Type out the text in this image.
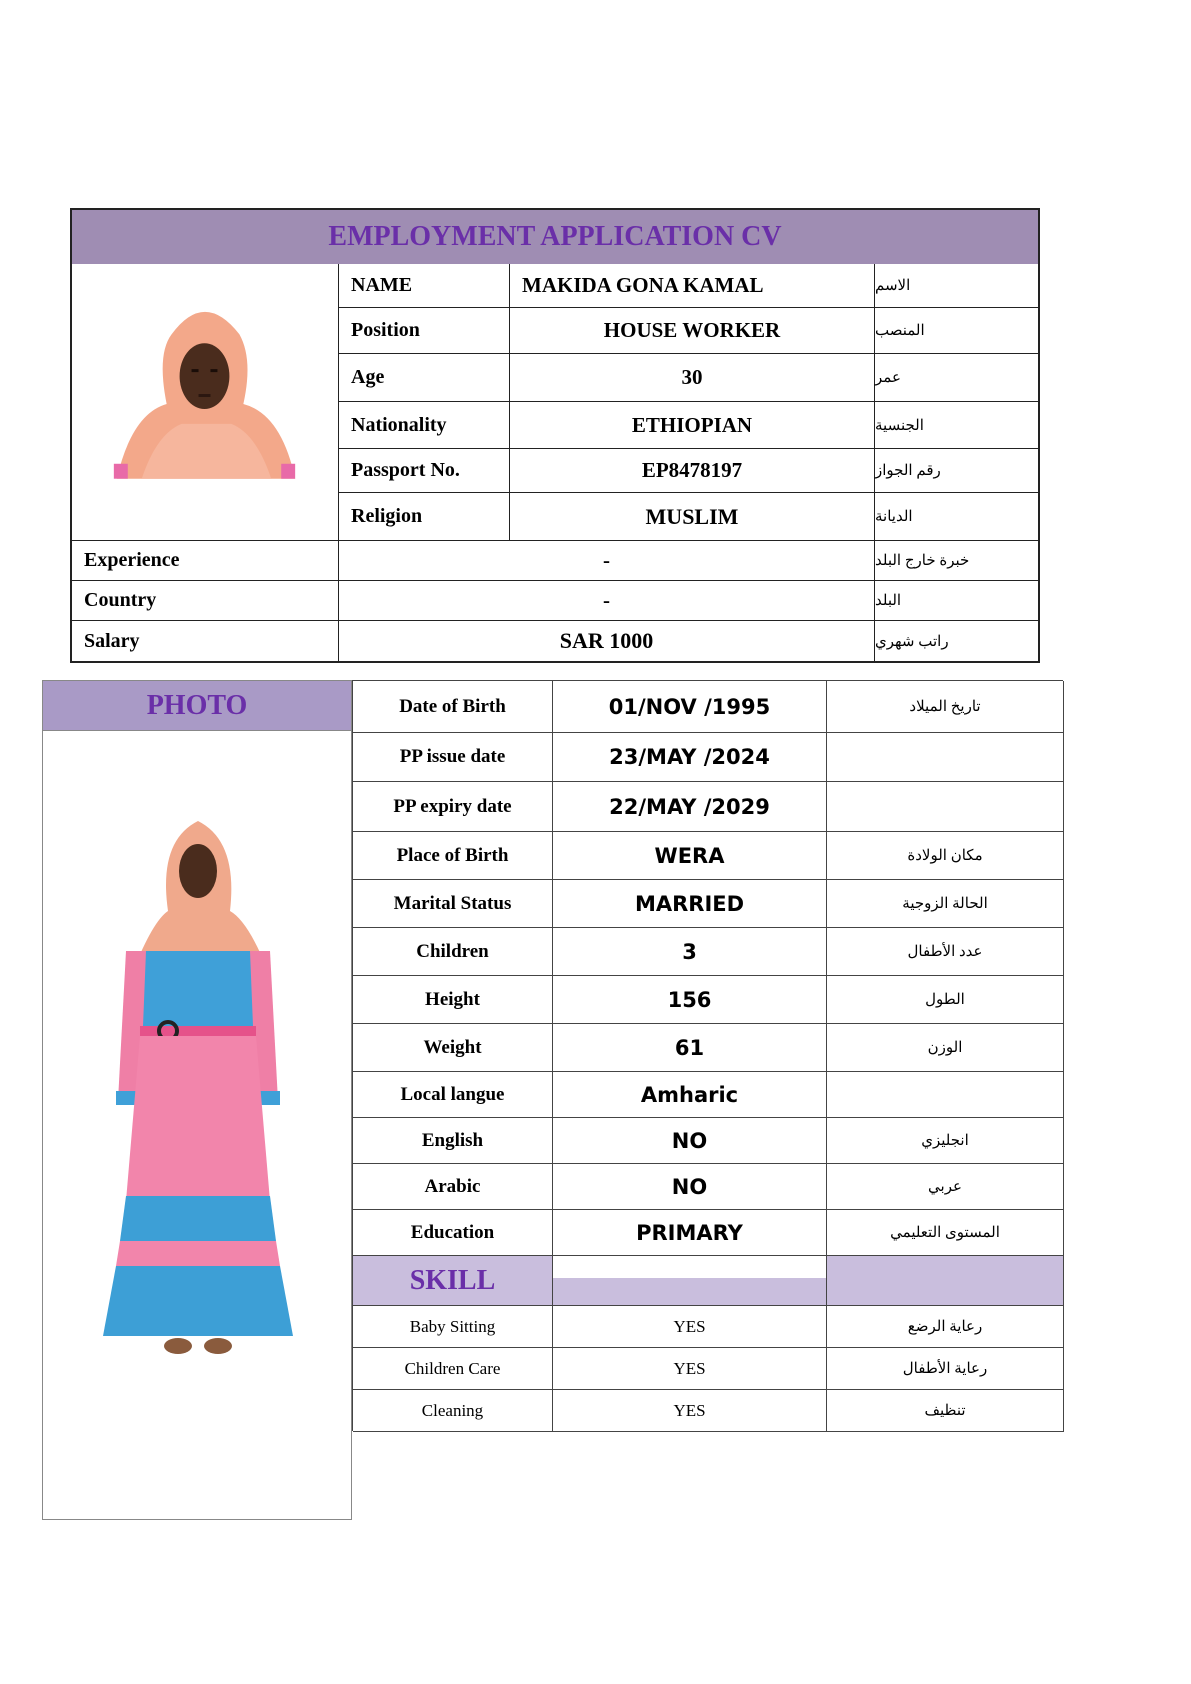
EMPLOYMENT APPLICATION CV
NAME	MAKIDA GONA KAMAL	الاسم
Position	HOUSE WORKER	المنصب
Age	30	عمر
Nationality	ETHIOPIAN	الجنسية
Passport No.	EP8478197	رقم الجواز
Religion	MUSLIM	الديانة
Experience	-	خبرة خارج البلد
Country	-	البلد
Salary	SAR 1000	راتب شهري
PHOTO	Date of Birth	01/NOV /1995	تاريخ الميلاد
PP issue date	23/MAY /2024
PP expiry date	22/MAY /2029
Place of Birth	WERA	مكان الولادة
Marital Status	MARRIED	الحالة الزوجية
Children	3	عدد الأطفال
Height	156	الطول
Weight	61	الوزن
Local langue	Amharic
English	NO	انجليزي
Arabic	NO	عربي
Education	PRIMARY	المستوى التعليمي
SKILL
Baby Sitting	YES	رعاية الرضع
Children Care	YES	رعاية الأطفال
Cleaning	YES	تنظيف
